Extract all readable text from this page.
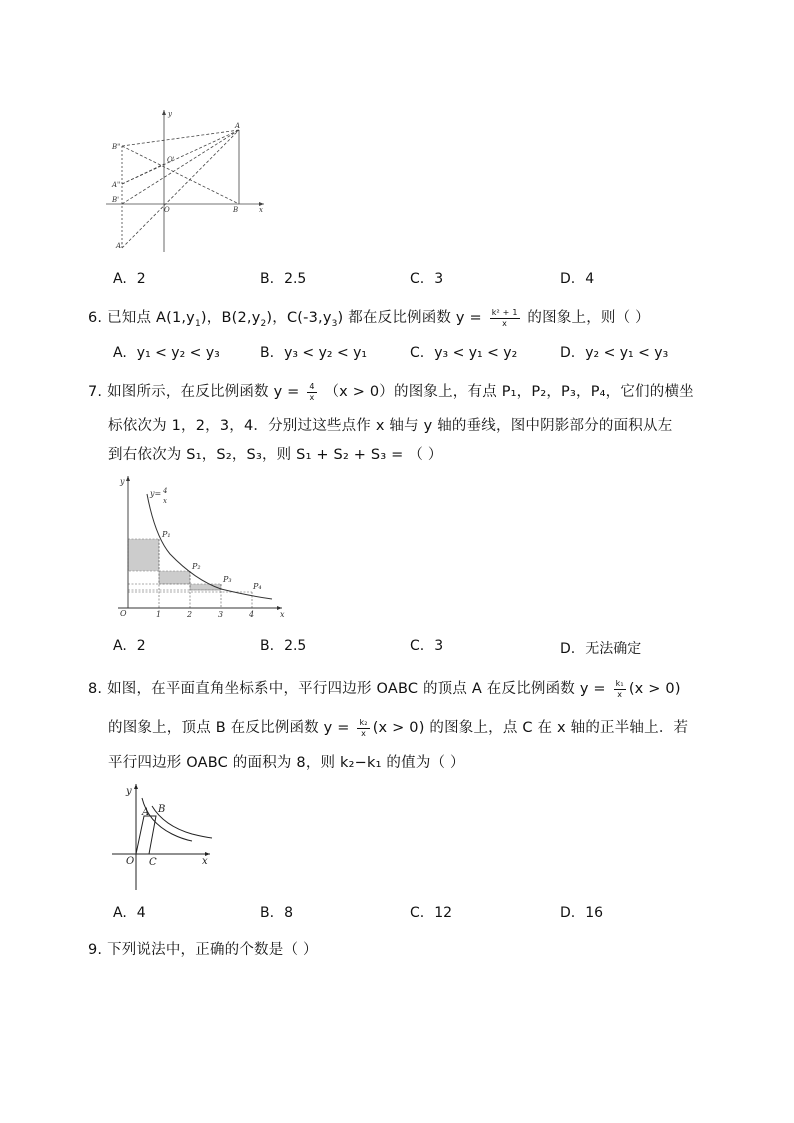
A
B"
O'
A"
B'
O	B
A'
x
y
A. 2	B. 2.5	C. 3	D. 4
6. 已知点 $A(1,y_1)$，$B(2,y_2)$，$C(-3,y_3)$ 都在反比例函数 $y = \frac{\text{k² + 1}}{x}$ 的图象上，则（ ）
A. y₁ < y₂ < y₃	B. y₃ < y₂ < y₁	C. y₃ < y₁ < y₂	D. y₂ < y₁ < y₃
7. 如图所示，在反比例函数 $y = \frac{4}{x} (x > 0)$的图象上，有点 P₁，P₂，P₃，P₄，它们的横坐
标依次为 1，2，3，4．分别过这些点作 x 轴与 y 轴的垂线，图中阴影部分的面积从左
到右依次为 S₁，S₂，S₃，则 S₁ + S₂ + S₃ = （ ）
y
y= 4
x
P₁
P₂
P₃
P₄
O	1	2	3	4	x
A. 2	B. 2.5	C. 3	D. 无法确定
8. 如图，在平面直角坐标系中，平行四边形 OABC 的顶点 A 在反比例函数 $y = \frac{\text{k₁}}{x} (x > 0)$
的图象上，顶点 B 在反比例函数 $y = \frac{\text{k₂}}{x} (x > 0)$ 的图象上，点 C 在 x 轴的正半轴上．若
平行四边形 OABC 的面积为 8，则 k₂−k₁ 的值为（ ）
y
A B
O C	x
A. 4	B. 8	C. 12	D. 16
9. 下列说法中，正确的个数是（ ）
